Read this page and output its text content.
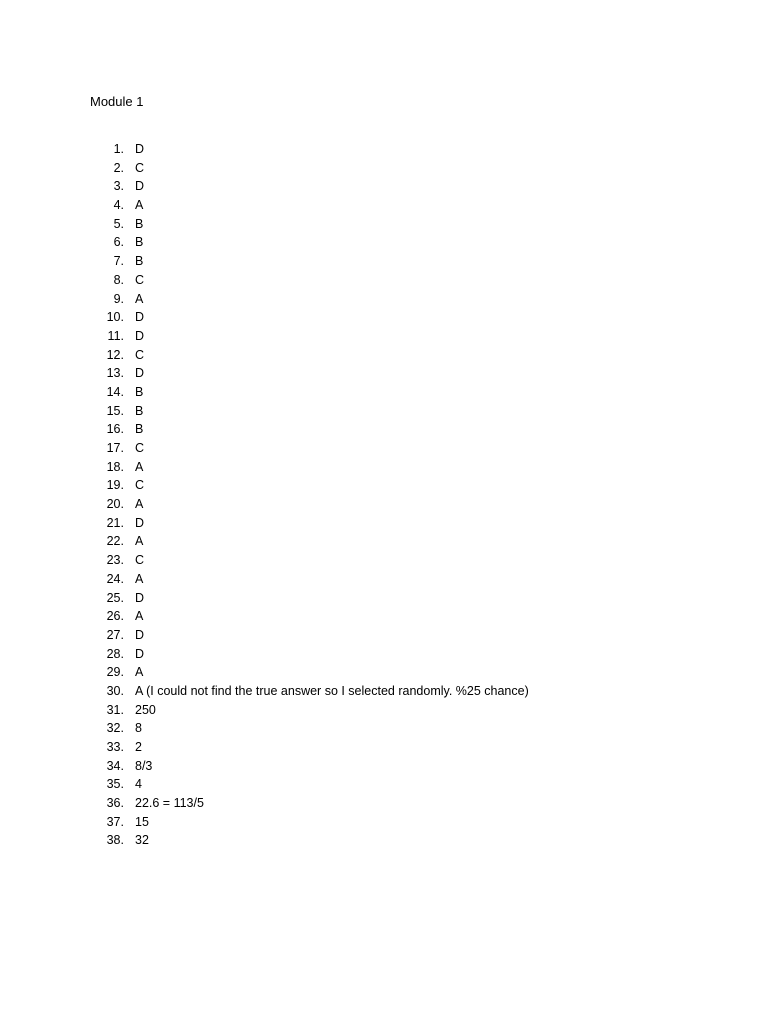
Module 1
1. D
2. C
3. D
4. A
5. B
6. B
7. B
8. C
9. A
10. D
11. D
12. C
13. D
14. B
15. B
16. B
17. C
18. A
19. C
20. A
21. D
22. A
23. C
24. A
25. D
26. A
27. D
28. D
29. A
30. A (I could not find the true answer so I selected randomly. %25 chance)
31. 250
32. 8
33. 2
34. 8/3
35. 4
36. 22.6 = 113/5
37. 15
38. 32
